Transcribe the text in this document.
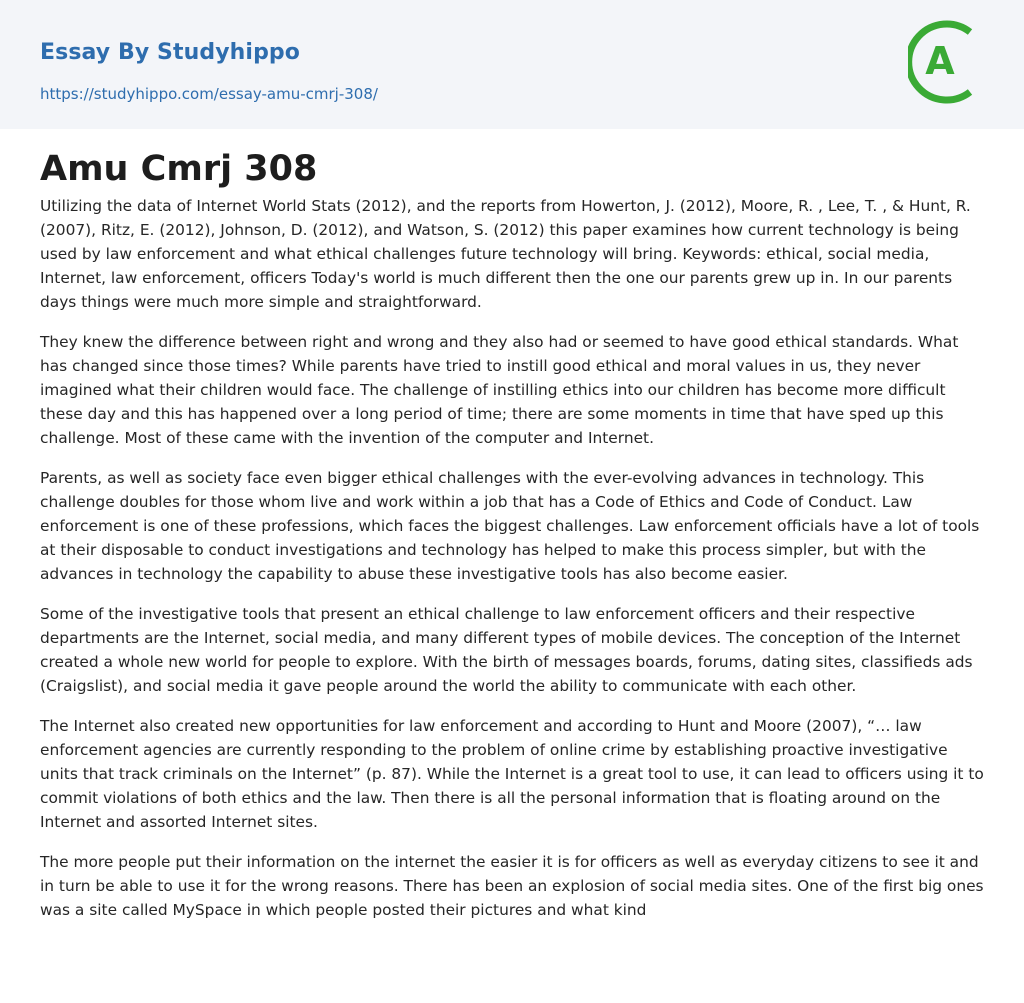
Essay By Studyhippo
https://studyhippo.com/essay-amu-cmrj-308/
A
Amu Cmrj 308

Utilizing the data of Internet World Stats (2012), and the reports from Howerton, J. (2012), Moore, R. , Lee, T. , & Hunt, R. (2007), Ritz, E. (2012), Johnson, D. (2012), and Watson, S. (2012) this paper examines how current technology is being used by law enforcement and what ethical challenges future technology will bring. Keywords: ethical, social media, Internet, law enforcement, officers Today's world is much different then the one our parents grew up in. In our parents days things were much more simple and straightforward.

They knew the difference between right and wrong and they also had or seemed to have good ethical standards. What has changed since those times? While parents have tried to instill good ethical and moral values in us, they never imagined what their children would face. The challenge of instilling ethics into our children has become more difficult these day and this has happened over a long period of time; there are some moments in time that have sped up this challenge. Most of these came with the invention of the computer and Internet.

Parents, as well as society face even bigger ethical challenges with the ever-evolving advances in technology. This challenge doubles for those whom live and work within a job that has a Code of Ethics and Code of Conduct. Law enforcement is one of these professions, which faces the biggest challenges. Law enforcement officials have a lot of tools at their disposable to conduct investigations and technology has helped to make this process simpler, but with the advances in technology the capability to abuse these investigative tools has also become easier.

Some of the investigative tools that present an ethical challenge to law enforcement officers and their respective departments are the Internet, social media, and many different types of mobile devices. The conception of the Internet created a whole new world for people to explore. With the birth of messages boards, forums, dating sites, classifieds ads (Craigslist), and social media it gave people around the world the ability to communicate with each other.

The Internet also created new opportunities for law enforcement and according to Hunt and Moore (2007), “… law enforcement agencies are currently responding to the problem of online crime by establishing proactive investigative units that track criminals on the Internet” (p. 87). While the Internet is a great tool to use, it can lead to officers using it to commit violations of both ethics and the law. Then there is all the personal information that is floating around on the Internet and assorted Internet sites.

The more people put their information on the internet the easier it is for officers as well as everyday citizens to see it and in turn be able to use it for the wrong reasons. There has been an explosion of social media sites. One of the first big ones was a site called MySpace in which people posted their pictures and what kind
